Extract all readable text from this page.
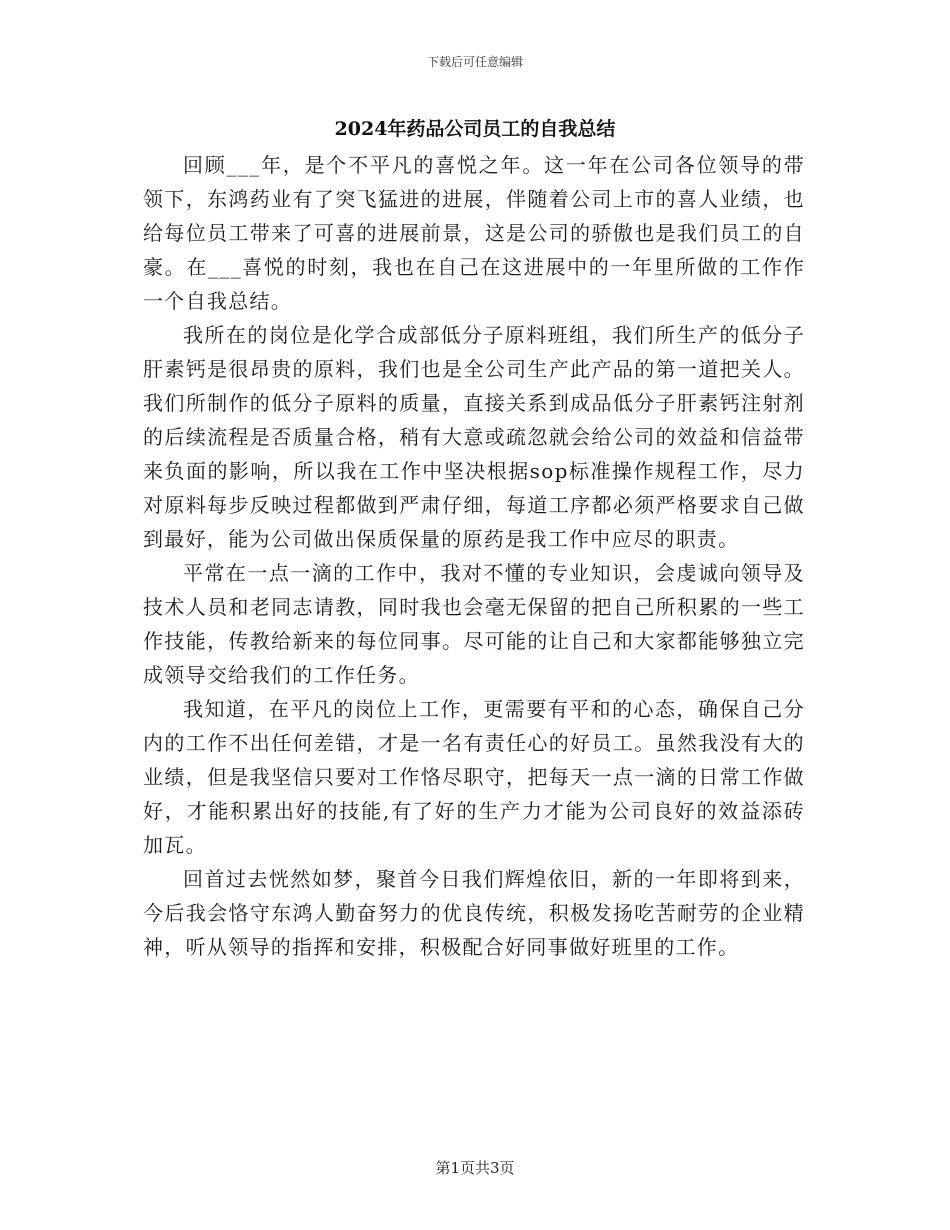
下载后可任意编辑
2024年药品公司员工的自我总结

回顾___年，是个不平凡的喜悦之年。这一年在公司各位领导的带领下，东鸿药业有了突飞猛进的进展，伴随着公司上市的喜人业绩，也给每位员工带来了可喜的进展前景，这是公司的骄傲也是我们员工的自豪。在___喜悦的时刻，我也在自己在这进展中的一年里所做的工作作一个自我总结。

我所在的岗位是化学合成部低分子原料班组，我们所生产的低分子肝素钙是很昂贵的原料，我们也是全公司生产此产品的第一道把关人。我们所制作的低分子原料的质量，直接关系到成品低分子肝素钙注射剂的后续流程是否质量合格，稍有大意或疏忽就会给公司的效益和信益带来负面的影响，所以我在工作中坚决根据sop标准操作规程工作，尽力对原料每步反映过程都做到严肃仔细，每道工序都必须严格要求自己做到最好，能为公司做出保质保量的原药是我工作中应尽的职责。

平常在一点一滴的工作中，我对不懂的专业知识，会虔诚向领导及技术人员和老同志请教，同时我也会毫无保留的把自己所积累的一些工作技能，传教给新来的每位同事。尽可能的让自己和大家都能够独立完成领导交给我们的工作任务。

我知道，在平凡的岗位上工作，更需要有平和的心态，确保自己分内的工作不出任何差错，才是一名有责任心的好员工。虽然我没有大的业绩，但是我坚信只要对工作恪尽职守，把每天一点一滴的日常工作做好，才能积累出好的技能,有了好的生产力才能为公司良好的效益添砖加瓦。

回首过去恍然如梦，聚首今日我们辉煌依旧，新的一年即将到来，今后我会恪守东鸿人勤奋努力的优良传统，积极发扬吃苦耐劳的企业精神，听从领导的指挥和安排，积极配合好同事做好班里的工作。

第1页共3页
